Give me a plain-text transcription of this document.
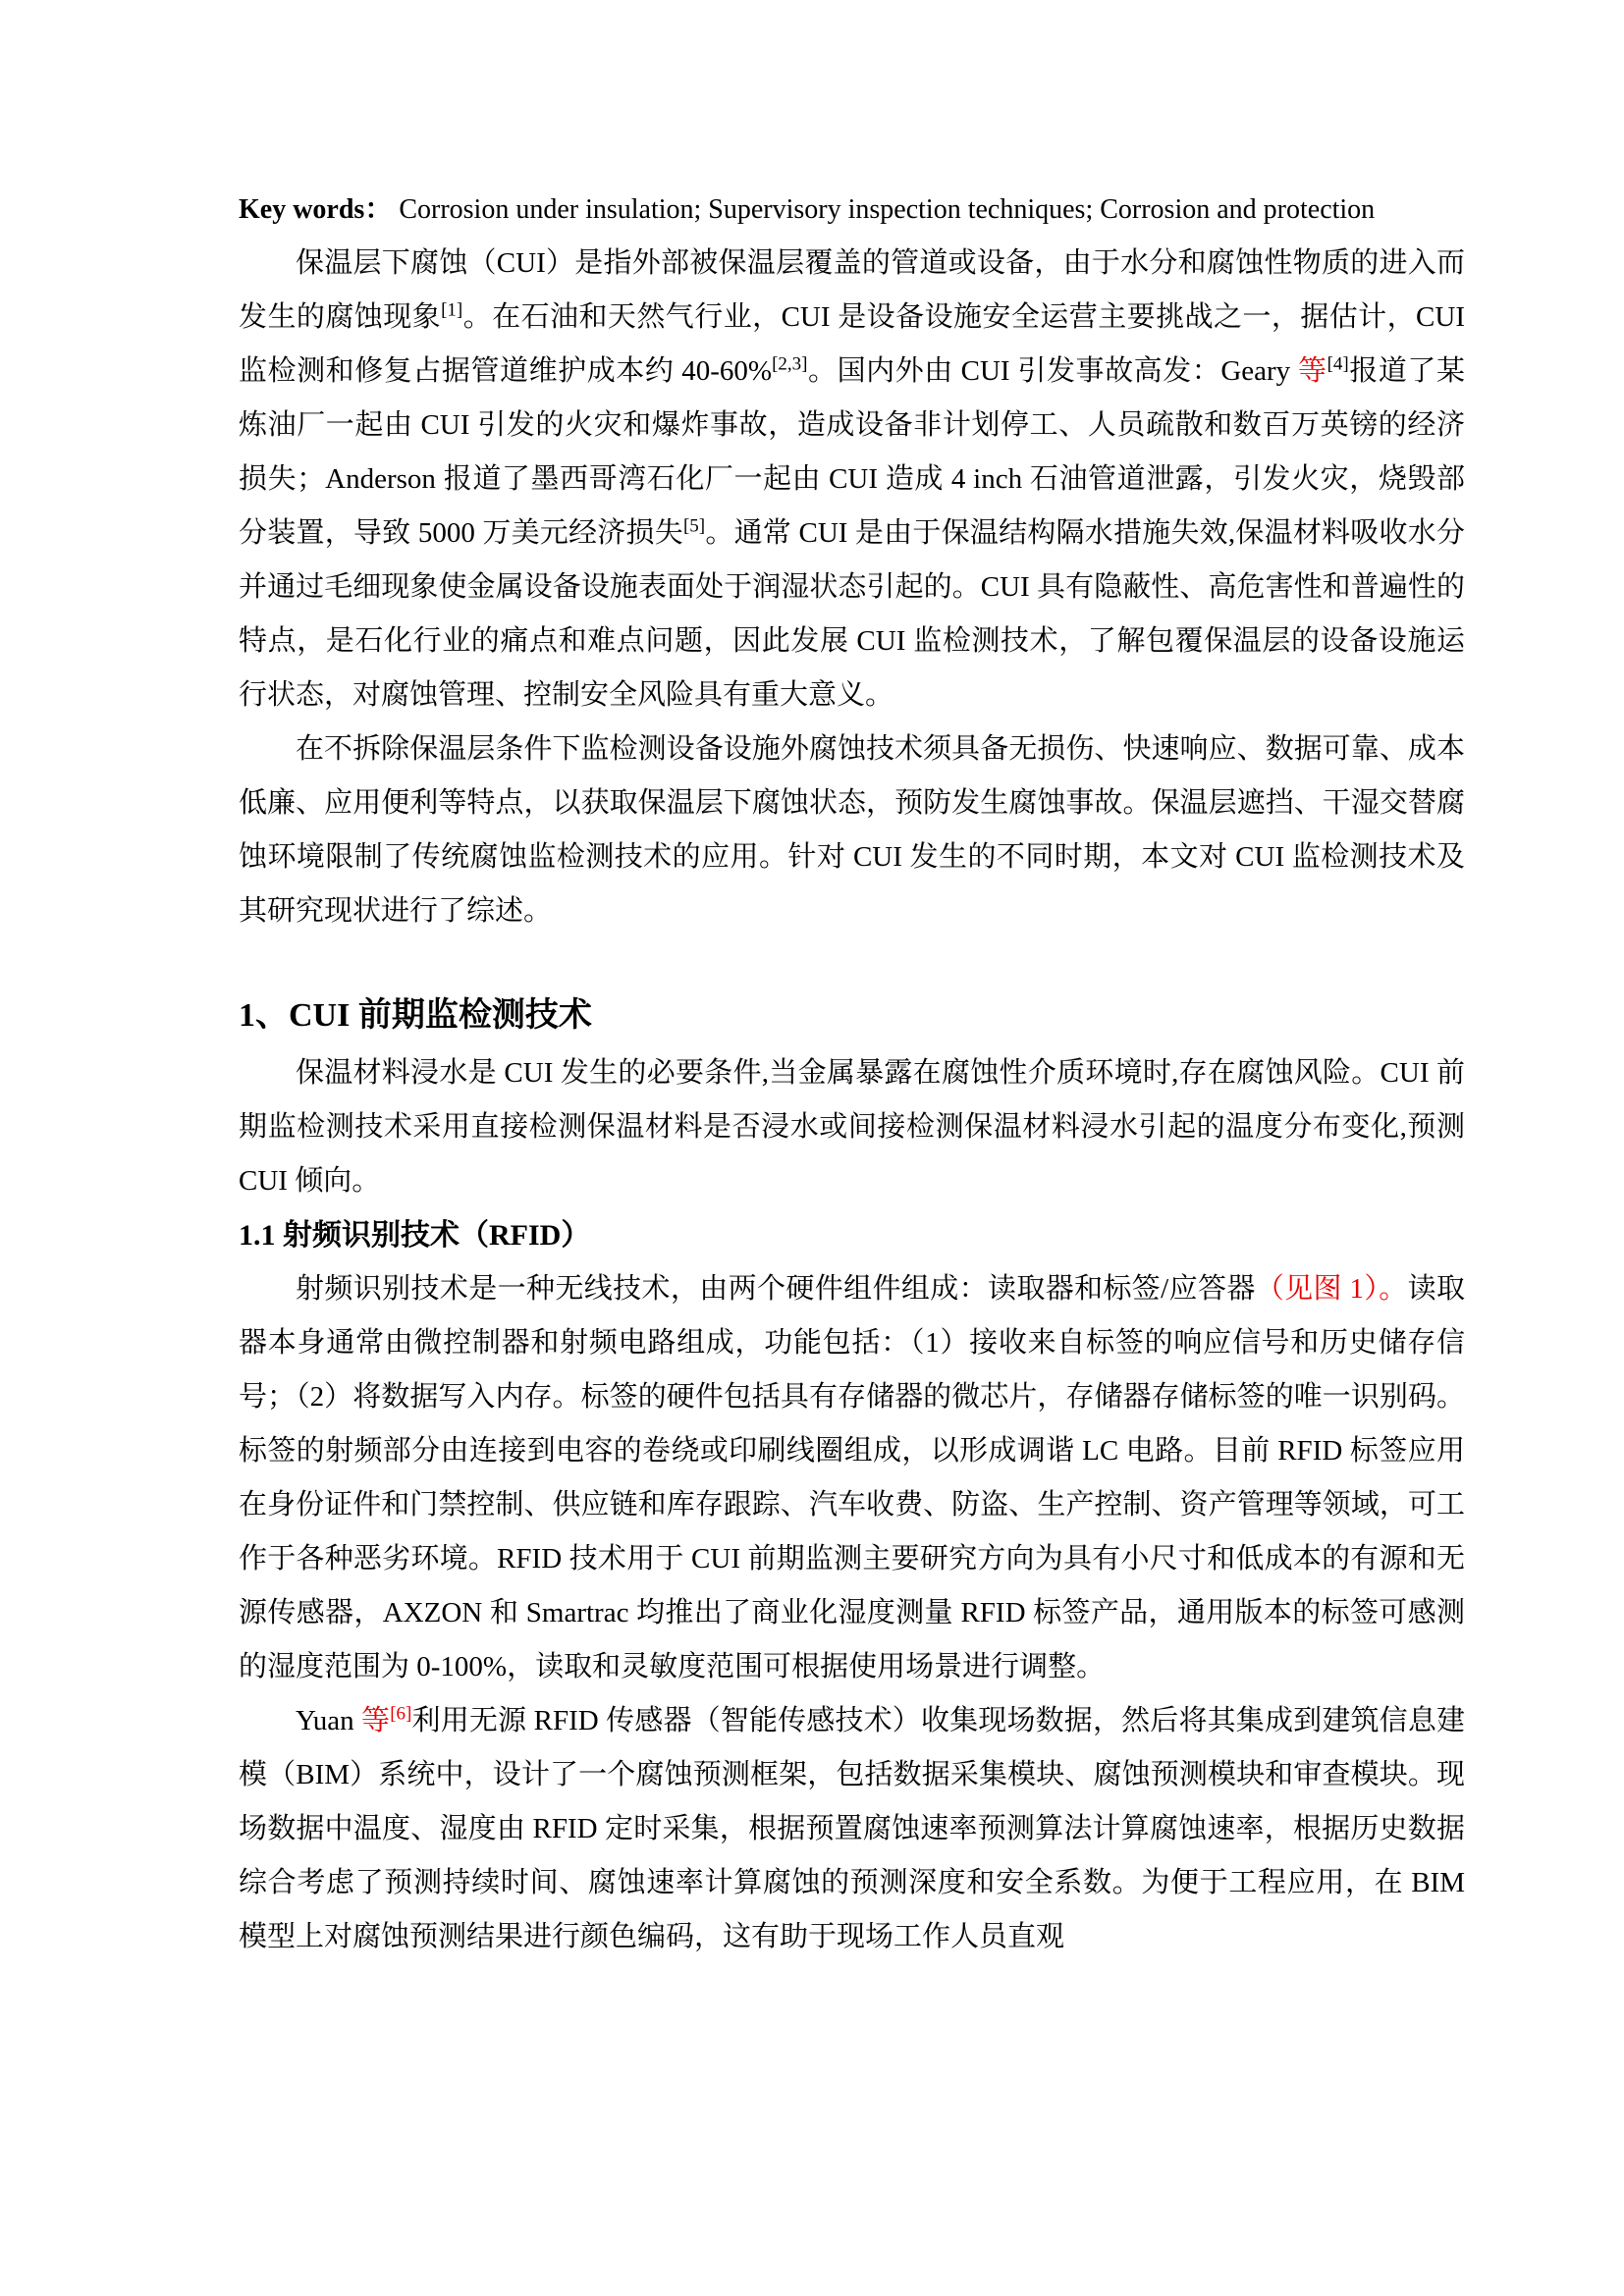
Key words： Corrosion under insulation; Supervisory inspection techniques; Corrosion and protection

保温层下腐蚀（CUI）是指外部被保温层覆盖的管道或设备，由于水分和腐蚀性物质的进入而发生的腐蚀现象[1]。在石油和天然气行业，CUI 是设备设施安全运营主要挑战之一，据估计，CUI 监检测和修复占据管道维护成本约 40-60%[2,3]。国内外由 CUI 引发事故高发：Geary 等[4]报道了某炼油厂一起由 CUI 引发的火灾和爆炸事故，造成设备非计划停工、人员疏散和数百万英镑的经济损失；Anderson 报道了墨西哥湾石化厂一起由 CUI 造成 4 inch 石油管道泄露，引发火灾，烧毁部分装置，导致 5000 万美元经济损失[5]。通常 CUI 是由于保温结构隔水措施失效,保温材料吸收水分并通过毛细现象使金属设备设施表面处于润湿状态引起的。CUI 具有隐蔽性、高危害性和普遍性的特点，是石化行业的痛点和难点问题，因此发展 CUI 监检测技术，了解包覆保温层的设备设施运行状态，对腐蚀管理、控制安全风险具有重大意义。

在不拆除保温层条件下监检测设备设施外腐蚀技术须具备无损伤、快速响应、数据可靠、成本低廉、应用便利等特点，以获取保温层下腐蚀状态，预防发生腐蚀事故。保温层遮挡、干湿交替腐蚀环境限制了传统腐蚀监检测技术的应用。针对 CUI 发生的不同时期，本文对 CUI 监检测技术及其研究现状进行了综述。

1、CUI 前期监检测技术

保温材料浸水是 CUI 发生的必要条件,当金属暴露在腐蚀性介质环境时,存在腐蚀风险。CUI 前期监检测技术采用直接检测保温材料是否浸水或间接检测保温材料浸水引起的温度分布变化,预测 CUI 倾向。

1.1 射频识别技术（RFID）

射频识别技术是一种无线技术，由两个硬件组件组成：读取器和标签/应答器（见图 1）。读取器本身通常由微控制器和射频电路组成，功能包括：（1）接收来自标签的响应信号和历史储存信号；（2）将数据写入内存。标签的硬件包括具有存储器的微芯片，存储器存储标签的唯一识别码。标签的射频部分由连接到电容的卷绕或印刷线圈组成，以形成调谐 LC 电路。目前 RFID 标签应用在身份证件和门禁控制、供应链和库存跟踪、汽车收费、防盗、生产控制、资产管理等领域，可工作于各种恶劣环境。RFID 技术用于 CUI 前期监测主要研究方向为具有小尺寸和低成本的有源和无源传感器，AXZON 和 Smartrac 均推出了商业化湿度测量 RFID 标签产品，通用版本的标签可感测的湿度范围为 0-100%，读取和灵敏度范围可根据使用场景进行调整。

Yuan 等[6]利用无源 RFID 传感器（智能传感技术）收集现场数据，然后将其集成到建筑信息建模（BIM）系统中，设计了一个腐蚀预测框架，包括数据采集模块、腐蚀预测模块和审查模块。现场数据中温度、湿度由 RFID 定时采集，根据预置腐蚀速率预测算法计算腐蚀速率，根据历史数据综合考虑了预测持续时间、腐蚀速率计算腐蚀的预测深度和安全系数。为便于工程应用，在 BIM 模型上对腐蚀预测结果进行颜色编码，这有助于现场工作人员直观
